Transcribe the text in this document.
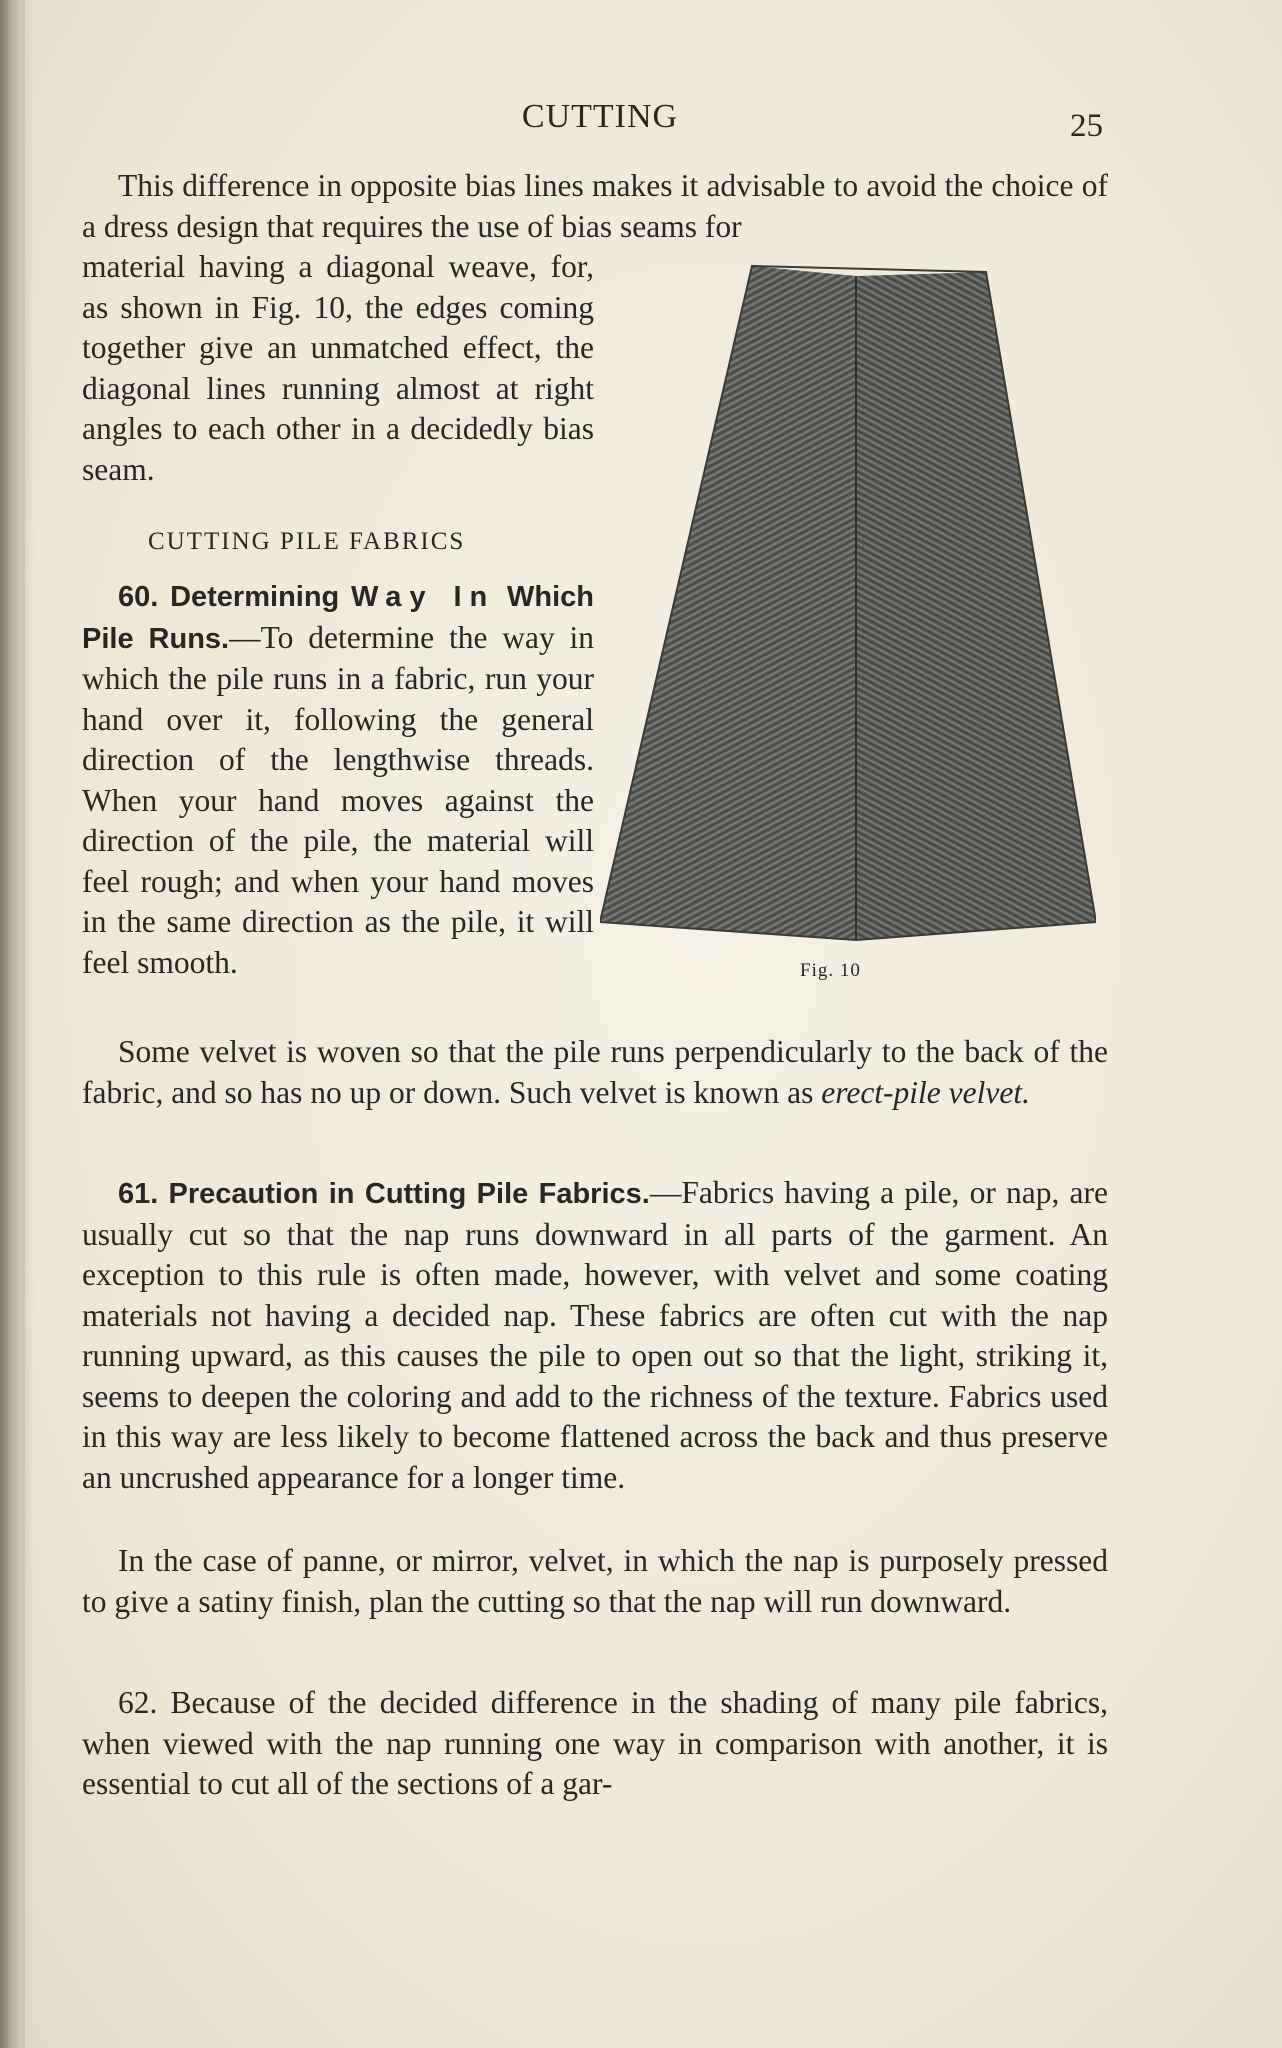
CUTTING	25
This difference in opposite bias lines makes it advisable to avoid the choice of a dress design that requires the use of bias seams for
material having a diagonal weave, for, as shown in Fig. 10, the edges coming together give an unmatched effect, the diagonal lines running almost at right angles to each other in a decidedly bias seam.
CUTTING PILE FABRICS
60. Determining Way In Which Pile Runs.—To determine the way in which the pile runs in a fabric, run your hand over it, following the general direction of the lengthwise threads. When your hand moves against the direction of the pile, the material will feel rough; and when your hand moves in the same direction as the pile, it will feel smooth.
Some velvet is woven so that the pile runs perpendicularly to the back of the fabric, and so has no up or down. Such velvet is known as erect-pile velvet.
61. Precaution in Cutting Pile Fabrics.—Fabrics having a pile, or nap, are usually cut so that the nap runs downward in all parts of the garment. An exception to this rule is often made, however, with velvet and some coating materials not having a decided nap. These fabrics are often cut with the nap running upward, as this causes the pile to open out so that the light, striking it, seems to deepen the coloring and add to the richness of the texture. Fabrics used in this way are less likely to become flattened across the back and thus preserve an uncrushed appearance for a longer time.
In the case of panne, or mirror, velvet, in which the nap is purposely pressed to give a satiny finish, plan the cutting so that the nap will run downward.
62. Because of the decided difference in the shading of many pile fabrics, when viewed with the nap running one way in comparison with another, it is essential to cut all of the sections of a gar-
Fig. 10
